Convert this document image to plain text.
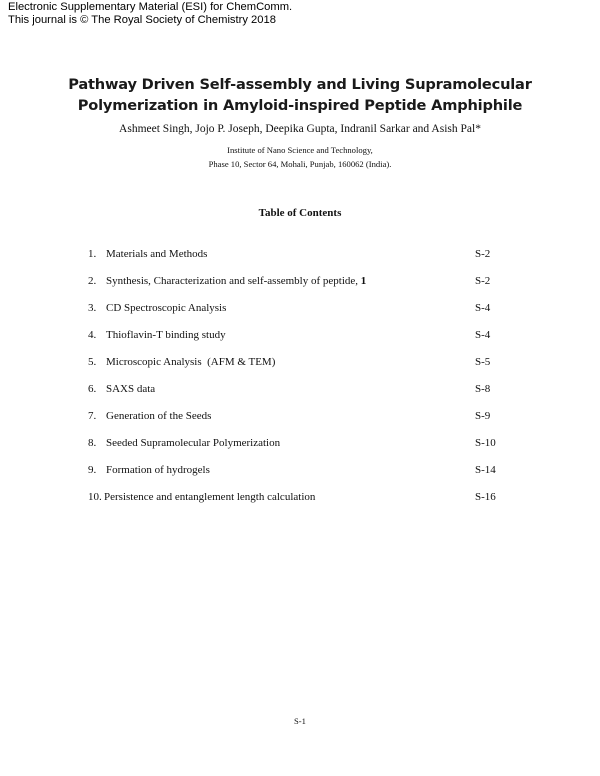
Electronic Supplementary Material (ESI) for ChemComm.
This journal is © The Royal Society of Chemistry 2018
Pathway Driven Self-assembly and Living Supramolecular
Polymerization in Amyloid-inspired Peptide Amphiphile
Ashmeet Singh, Jojo P. Joseph, Deepika Gupta, Indranil Sarkar and Asish Pal*
Institute of Nano Science and Technology,
Phase 10, Sector 64, Mohali, Punjab, 160062 (India).
Table of Contents
1. Materials and Methods	S-2
2. Synthesis, Characterization and self-assembly of peptide, 1	S-2
3. CD Spectroscopic Analysis	S-4
4. Thioflavin-T binding study	S-4
5. Microscopic Analysis  (AFM & TEM)	S-5
6. SAXS data	S-8
7. Generation of the Seeds	S-9
8. Seeded Supramolecular Polymerization	S-10
9. Formation of hydrogels	S-14
10. Persistence and entanglement length calculation	S-16
S-1
